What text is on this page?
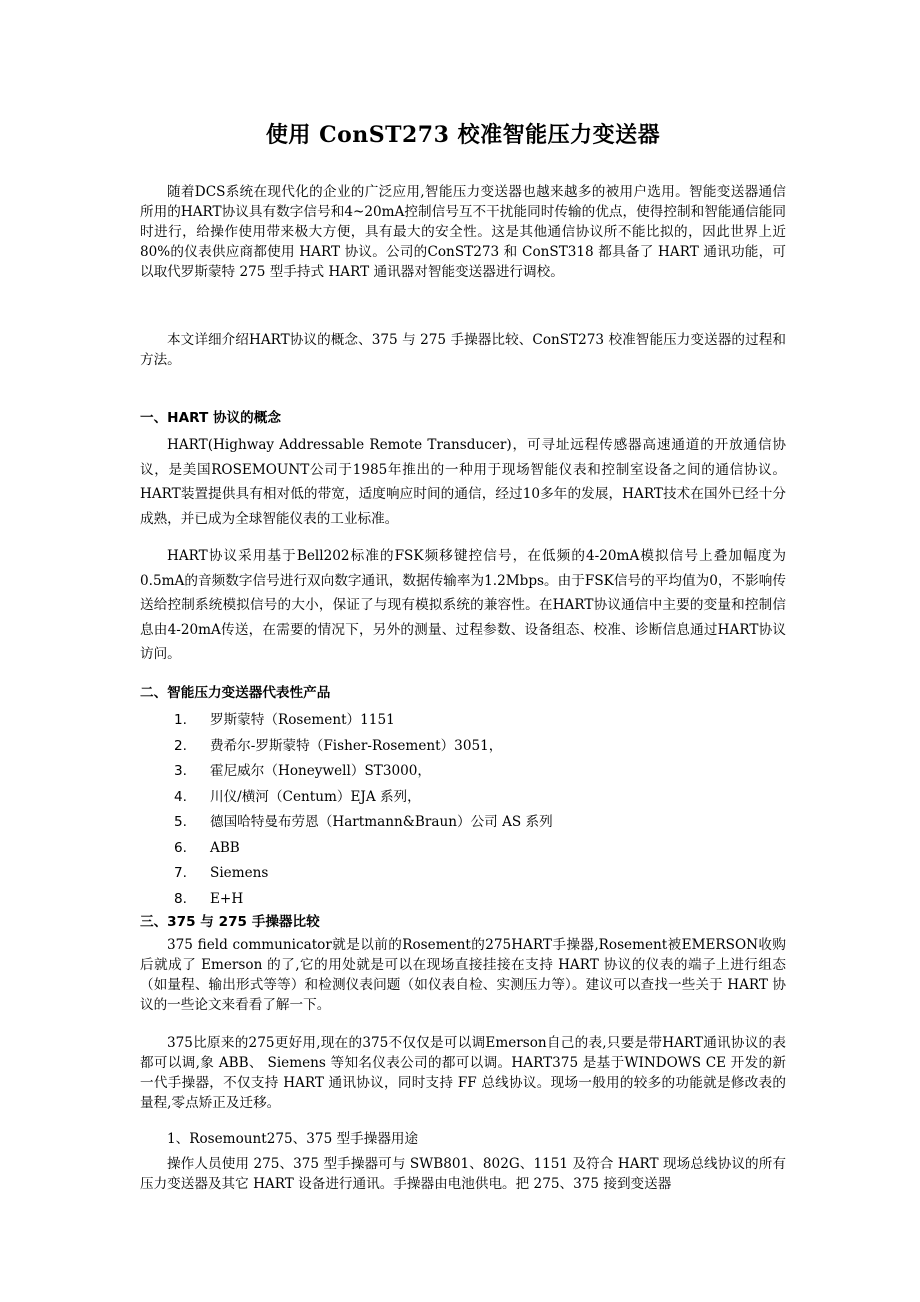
使用 ConST273 校准智能压力变送器

随着DCS系统在现代化的企业的广泛应用,智能压力变送器也越来越多的被用户选用。智能变送器通信所用的HART协议具有数字信号和4~20mA控制信号互不干扰能同时传输的优点，使得控制和智能通信能同时进行，给操作使用带来极大方便，具有最大的安全性。这是其他通信协议所不能比拟的，因此世界上近 80%的仪表供应商都使用 HART 协议。公司的ConST273 和 ConST318 都具备了 HART 通讯功能，可以取代罗斯蒙特 275 型手持式 HART 通讯器对智能变送器进行调校。

本文详细介绍HART协议的概念、375 与 275 手操器比较、ConST273 校准智能压力变送器的过程和方法。

一、HART 协议的概念

HART(Highway Addressable Remote Transducer)，可寻址远程传感器高速通道的开放通信协议，是美国ROSEMOUNT公司于1985年推出的一种用于现场智能仪表和控制室设备之间的通信协议。 HART装置提供具有相对低的带宽，适度响应时间的通信，经过10多年的发展，HART技术在国外已经十分成熟，并已成为全球智能仪表的工业标准。

HART协议采用基于Bell202标准的FSK频移键控信号，在低频的4-20mA模拟信号上叠加幅度为0.5mA的音频数字信号进行双向数字通讯，数据传输率为1.2Mbps。由于FSK信号的平均值为0，不影响传送给控制系统模拟信号的大小，保证了与现有模拟系统的兼容性。在HART协议通信中主要的变量和控制信息由4-20mA传送，在需要的情况下，另外的测量、过程参数、设备组态、校准、诊断信息通过HART协议访问。

二、智能压力变送器代表性产品
1. 罗斯蒙特（Rosement）1151
2. 费希尔-罗斯蒙特（Fisher-Rosement）3051，
3. 霍尼威尔（Honeywell）ST3000，
4. 川仪/横河（Centum）EJA 系列，
5. 德国哈特曼布劳恩（Hartmann&Braun）公司 AS 系列
6. ABB
7. Siemens
8. E+H
三、375 与 275 手操器比较

375 field communicator就是以前的Rosement的275HART手操器,Rosement被EMERSON收购后就成了 Emerson 的了,它的用处就是可以在现场直接挂接在支持 HART 协议的仪表的端子上进行组态（如量程、输出形式等等）和检测仪表问题（如仪表自检、实测压力等）。建议可以查找一些关于 HART 协议的一些论文来看看了解一下。

375比原来的275更好用,现在的375不仅仅是可以调Emerson自己的表,只要是带HART通讯协议的表都可以调,象 ABB、 Siemens 等知名仪表公司的都可以调。HART375 是基于WINDOWS CE 开发的新一代手操器，不仅支持 HART 通讯协议，同时支持 FF 总线协议。现场一般用的较多的功能就是修改表的量程,零点矫正及迁移。

1、Rosemount275、375 型手操器用途

操作人员使用 275、375 型手操器可与 SWB801、802G、1151 及符合 HART 现场总线协议的所有压力变送器及其它 HART 设备进行通讯。手操器由电池供电。把 275、375 接到变送器
